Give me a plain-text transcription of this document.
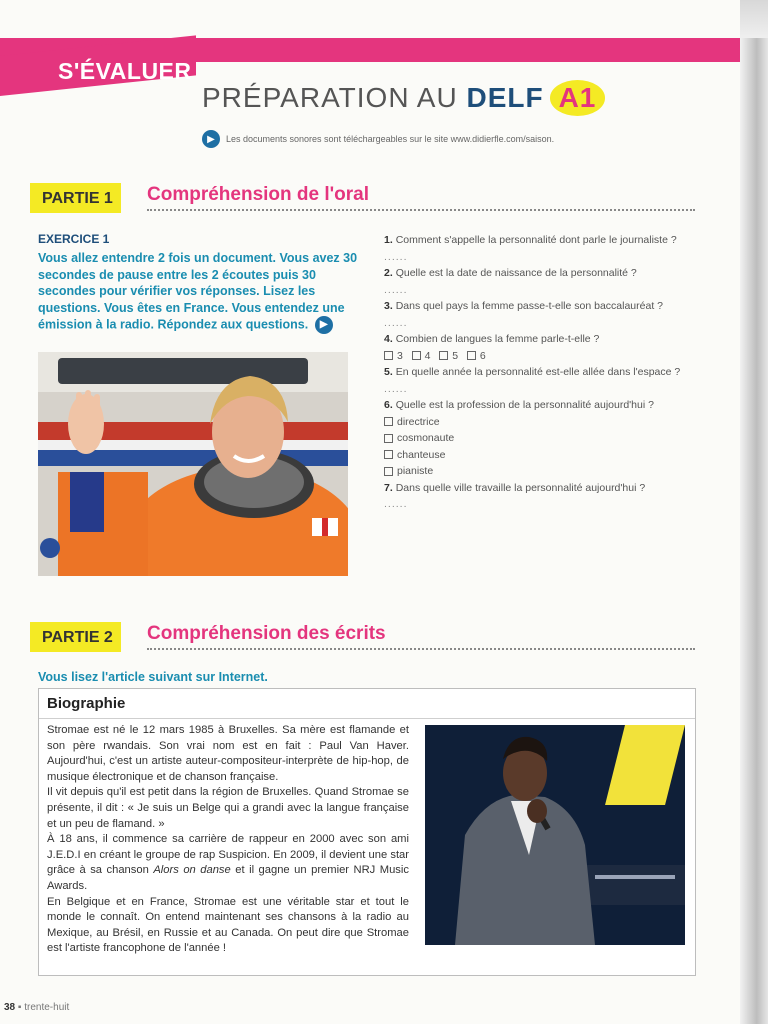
S'ÉVALUER
PRÉPARATION AU DELF A1
▶	Les documents sonores sont téléchargeables sur le site www.didierfle.com/saison.
PARTIE 1	Compréhension de l'oral
EXERCICE 1
Vous allez entendre 2 fois un document. Vous avez 30 secondes de pause entre les 2 écoutes puis 30 secondes pour vérifier vos réponses. Lisez les questions. Vous êtes en France. Vous entendez une émission à la radio. Répondez aux questions. ▶

1. Comment s'appelle la personnalité dont parle le journaliste ?

......

2. Quelle est la date de naissance de la personnalité ?

......

3. Dans quel pays la femme passe-t-elle son baccalauréat ?

......

4. Combien de langues la femme parle-t-elle ?

3 4 5 6

5. En quelle année la personnalité est-elle allée dans l'espace ?

......

6. Quelle est la profession de la personnalité aujourd'hui ?

directrice

cosmonaute

chanteuse

pianiste

7. Dans quelle ville travaille la personnalité aujourd'hui ?

......

PARTIE 2	Compréhension des écrits
Vous lisez l'article suivant sur Internet.
Biographie

Stromae est né le 12 mars 1985 à Bruxelles. Sa mère est flamande et son père rwandais. Son vrai nom est en fait : Paul Van Haver. Aujourd'hui, c'est un artiste auteur-compositeur-interprète de hip-hop, de musique électronique et de chanson française.

Il vit depuis qu'il est petit dans la région de Bruxelles. Quand Stromae se présente, il dit : « Je suis un Belge qui a grandi avec la langue française et un peu de flamand. »

À 18 ans, il commence sa carrière de rappeur en 2000 avec son ami J.E.D.I en créant le groupe de rap Suspicion. En 2009, il devient une star grâce à sa chanson Alors on danse et il gagne un premier NRJ Music Awards.

En Belgique et en France, Stromae est une véritable star et tout le monde le connaît. On entend maintenant ses chansons à la radio au Mexique, au Brésil, en Russie et au Canada. On peut dire que Stromae est l'artiste francophone de l'année !

38 ▪ trente-huit
